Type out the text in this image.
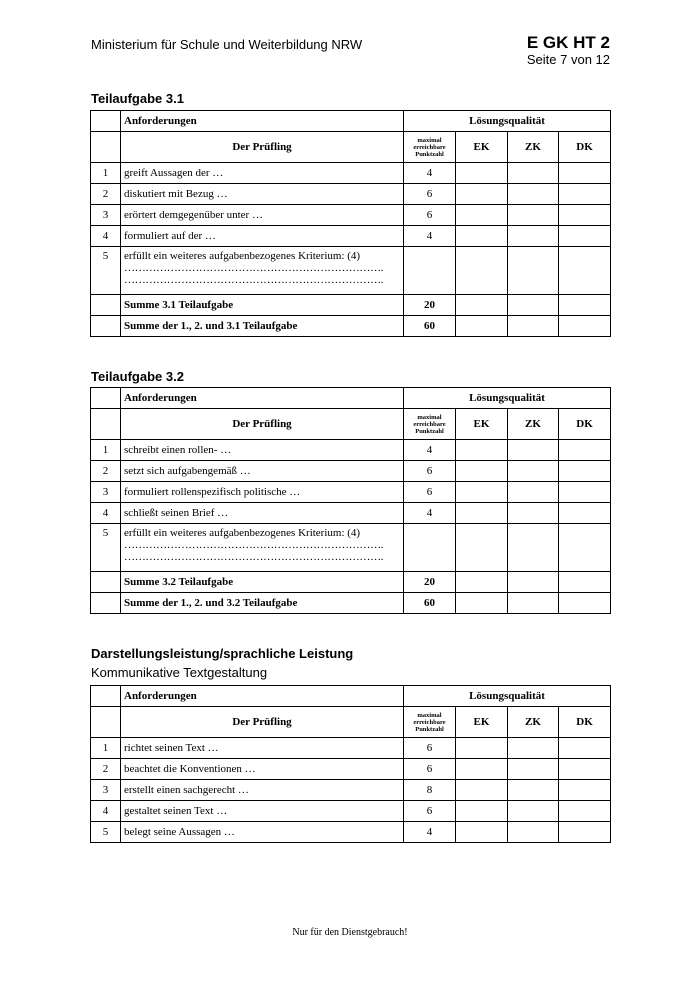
Ministerium für Schule und Weiterbildung NRW	E GK HT 2
Seite 7 von 12
Teilaufgabe 3.1
	Anforderungen	Lösungsqualität			
	Der Prüfling	maximal erreichbare Punktzahl	EK	ZK	DK
1	greift Aussagen der …	4			
2	diskutiert mit Bezug …	6			
3	erörtert demgegenüber unter …	6			
4	formuliert auf der …	4			
5	erfüllt ein weiteres aufgabenbezogenes Kriterium: (4)
……………………………………………………………….
……………………………………………………………….				

	Summe 3.1 Teilaufgabe	20			
	Summe der 1., 2. und 3.1 Teilaufgabe	60			
Teilaufgabe 3.2
	Anforderungen	Lösungsqualität			
	Der Prüfling	maximal erreichbare Punktzahl	EK	ZK	DK
1	schreibt einen rollen- …	4			
2	setzt sich aufgabengemäß …	6			
3	formuliert rollenspezifisch politische …	6			
4	schließt seinen Brief …	4			
5	erfüllt ein weiteres aufgabenbezogenes Kriterium: (4)
……………………………………………………………….
……………………………………………………………….				

	Summe 3.2 Teilaufgabe	20			
	Summe der 1., 2. und 3.2 Teilaufgabe	60			
Darstellungsleistung/sprachliche Leistung
Kommunikative Textgestaltung
	Anforderungen	Lösungsqualität			
	Der Prüfling	maximal erreichbare Punktzahl	EK	ZK	DK
1	richtet seinen Text …	6			
2	beachtet die Konventionen …	6			
3	erstellt einen sachgerecht …	8			
4	gestaltet seinen Text …	6			
5	belegt seine Aussagen …	4			
Nur für den Dienstgebrauch!
